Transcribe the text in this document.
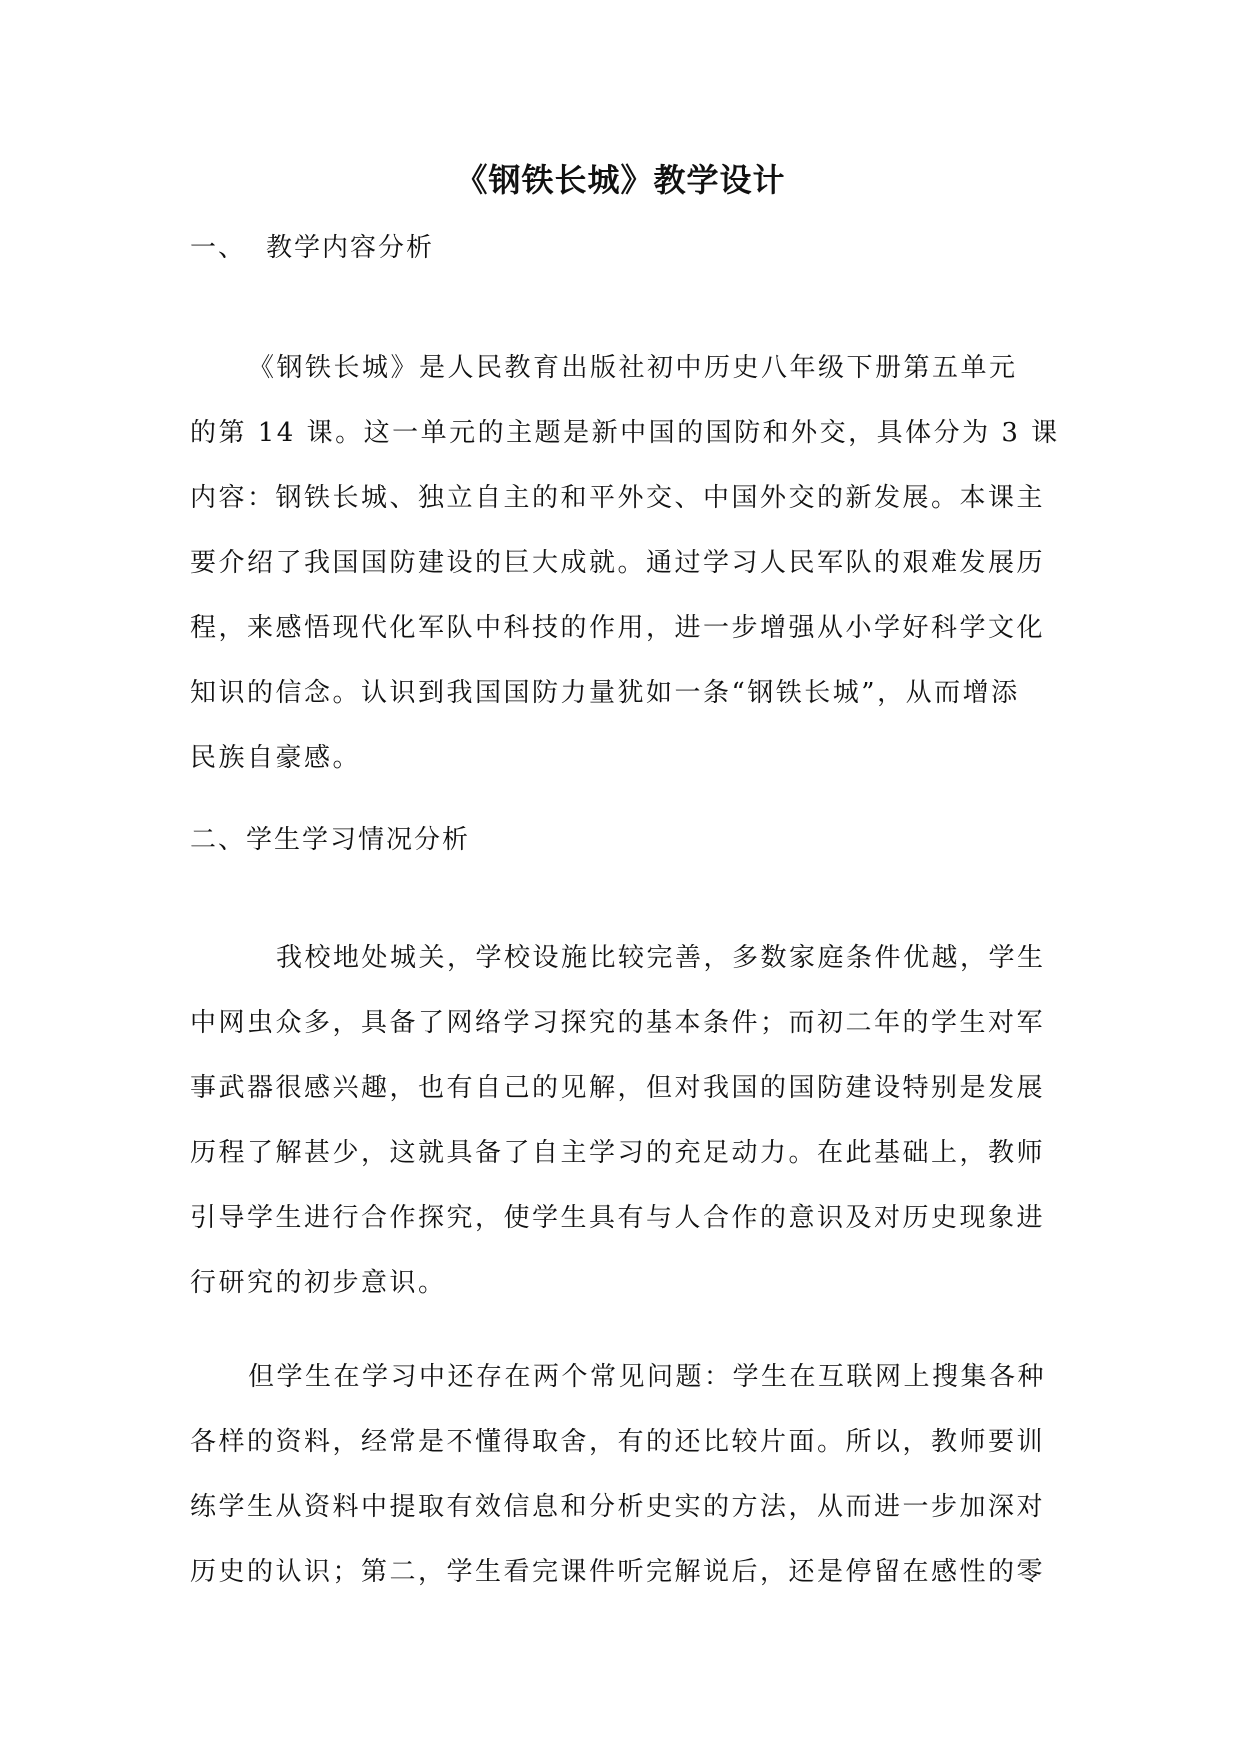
《钢铁长城》教学设计
一、 教学内容分析
《钢铁长城》是人民教育出版社初中历史八年级下册第五单元
的第 14 课。这一单元的主题是新中国的国防和外交，具体分为 3 课
内容：钢铁长城、独立自主的和平外交、中国外交的新发展。本课主
要介绍了我国国防建设的巨大成就。通过学习人民军队的艰难发展历
程，来感悟现代化军队中科技的作用，进一步增强从小学好科学文化
知识的信念。认识到我国国防力量犹如一条“钢铁长城”，从而增添
民族自豪感。
二、学生学习情况分析
我校地处城关，学校设施比较完善，多数家庭条件优越，学生
中网虫众多，具备了网络学习探究的基本条件；而初二年的学生对军
事武器很感兴趣，也有自己的见解，但对我国的国防建设特别是发展
历程了解甚少，这就具备了自主学习的充足动力。在此基础上，教师
引导学生进行合作探究，使学生具有与人合作的意识及对历史现象进
行研究的初步意识。
但学生在学习中还存在两个常见问题：学生在互联网上搜集各种
各样的资料，经常是不懂得取舍，有的还比较片面。所以，教师要训
练学生从资料中提取有效信息和分析史实的方法，从而进一步加深对
历史的认识；第二，学生看完课件听完解说后，还是停留在感性的零
